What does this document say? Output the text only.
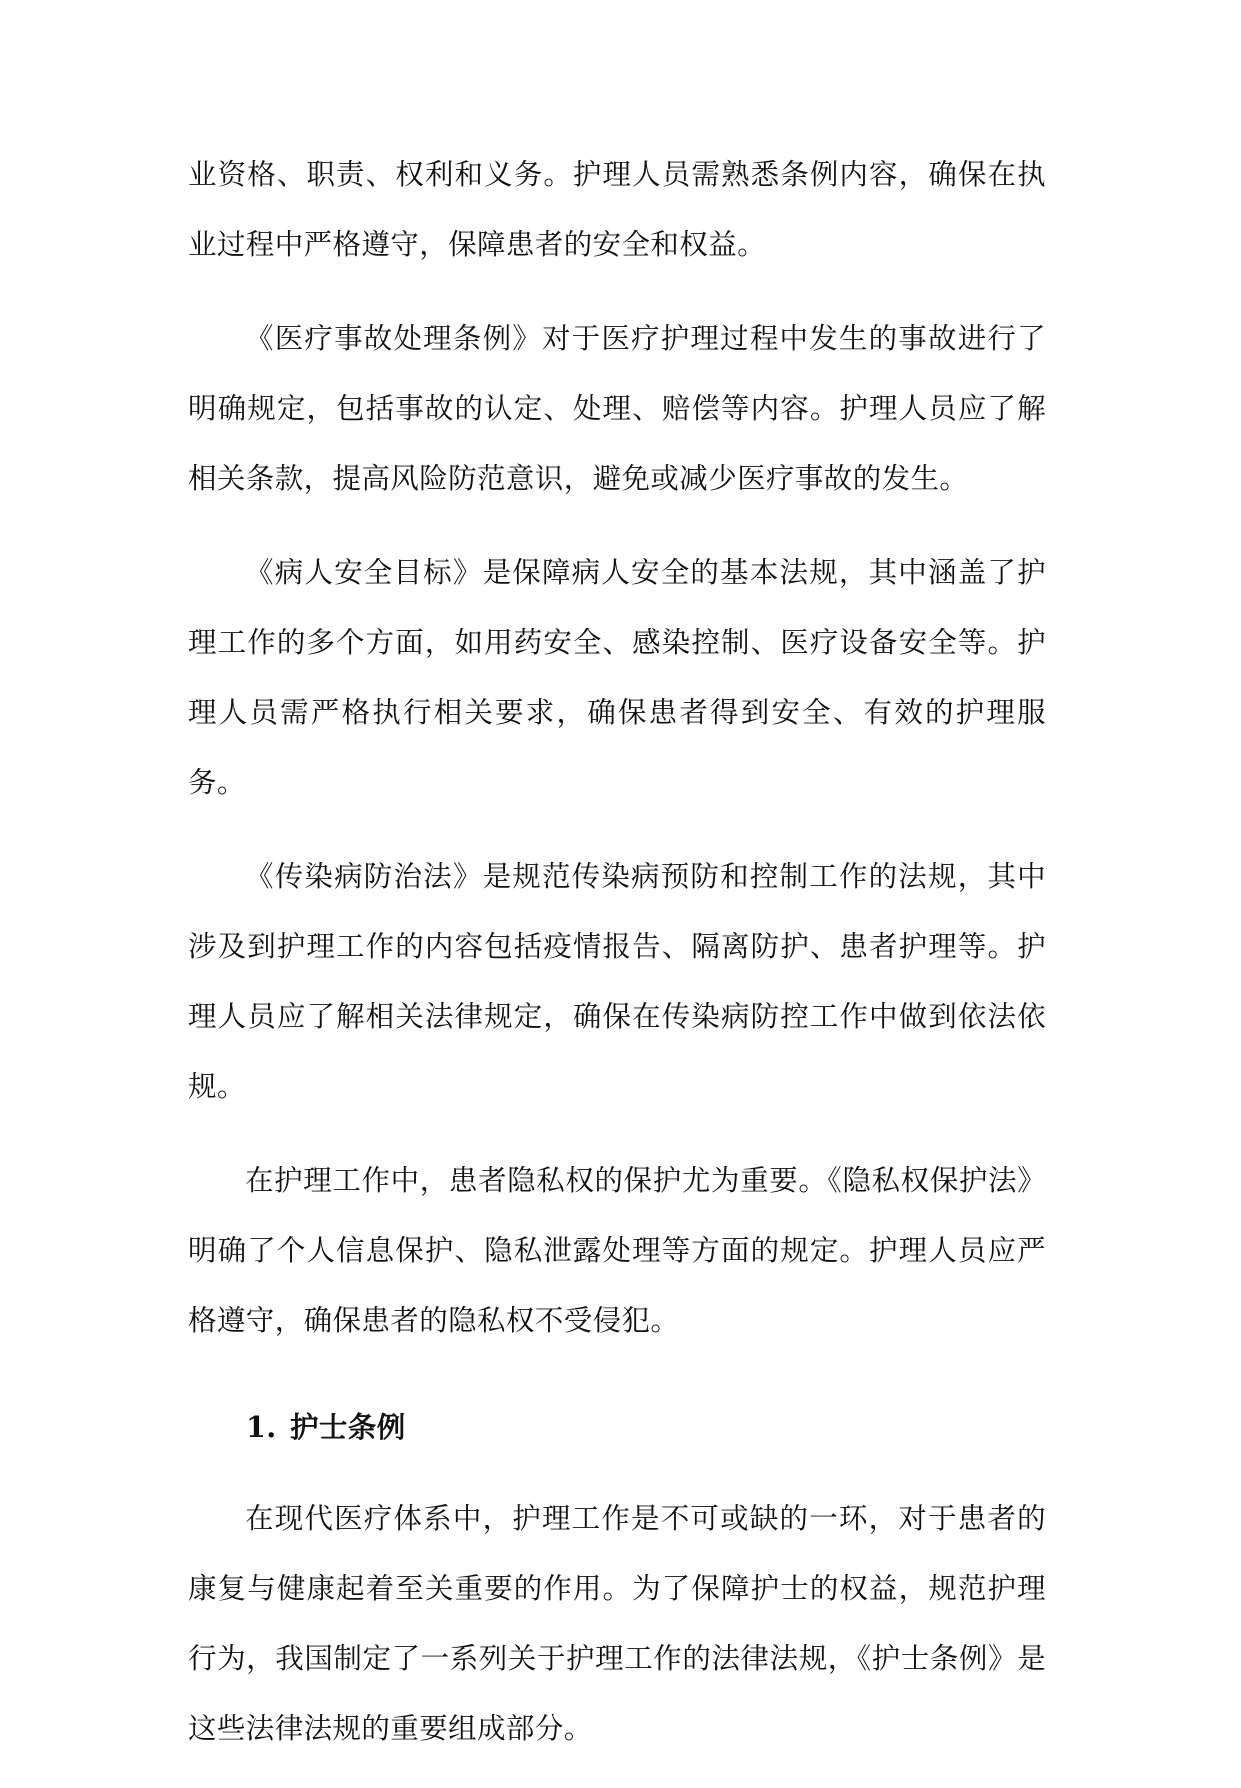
业资格、职责、权利和义务。护理人员需熟悉条例内容，确保在执业过程中严格遵守，保障患者的安全和权益。

《医疗事故处理条例》对于医疗护理过程中发生的事故进行了明确规定，包括事故的认定、处理、赔偿等内容。护理人员应了解相关条款，提高风险防范意识，避免或减少医疗事故的发生。

《病人安全目标》是保障病人安全的基本法规，其中涵盖了护理工作的多个方面，如用药安全、感染控制、医疗设备安全等。护理人员需严格执行相关要求，确保患者得到安全、有效的护理服务。

《传染病防治法》是规范传染病预防和控制工作的法规，其中涉及到护理工作的内容包括疫情报告、隔离防护、患者护理等。护理人员应了解相关法律规定，确保在传染病防控工作中做到依法依规。

在护理工作中，患者隐私权的保护尤为重要。《隐私权保护法》明确了个人信息保护、隐私泄露处理等方面的规定。护理人员应严格遵守，确保患者的隐私权不受侵犯。

1. 护士条例

在现代医疗体系中，护理工作是不可或缺的一环，对于患者的康复与健康起着至关重要的作用。为了保障护士的权益，规范护理行为，我国制定了一系列关于护理工作的法律法规，《护士条例》是这些法律法规的重要组成部分。
